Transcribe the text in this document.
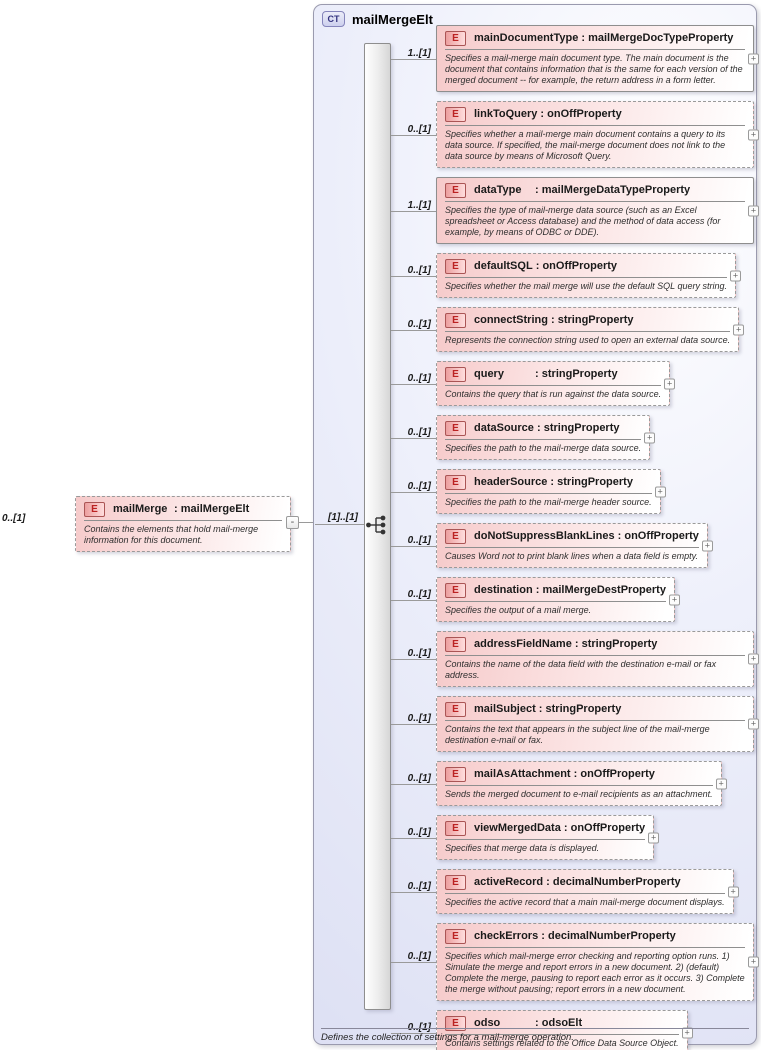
0..[1]	-
E	mailMerge : mailMergeElt
Contains the elements that hold mail-merge information for this document.
CT mailMergeElt
[1]..[1]
1..[1]
E	mainDocumentType : mailMergeDocTypeProperty
Specifies a mail-merge main document type. The main document is the document that contains information that is the same for each version of the merged document -- for example, the return address in a form letter.
+
0..[1]
E	linkToQuery : onOffProperty
Specifies whether a mail-merge main document contains a query to its data source. If specified, the mail-merge document does not link to the data source by means of Microsoft Query.
+
1..[1]
E	dataType : mailMergeDataTypeProperty
Specifies the type of mail-merge data source (such as an Excel spreadsheet or Access database) and the method of data access (for example, by means of ODBC or DDE).
+
0..[1]	E	defaultSQL : onOffProperty
Specifies whether the mail merge will use the default SQL query string.
+
0..[1]	E	connectString : stringProperty
Represents the connection string used to open an external data source.
+
0..[1]	E	query	: stringProperty
Contains the query that is run against the data source.
+
0..[1]	E	dataSource : stringProperty
Specifies the path to the mail-merge data source.
+
0..[1]	E	headerSource : stringProperty
Specifies the path to the mail-merge header source.
+
0..[1]	E	doNotSuppressBlankLines : onOffProperty
Causes Word not to print blank lines when a data field is empty.
+
0..[1]	E	destination : mailMergeDestProperty
Specifies the output of a mail merge.
+
0..[1]
E	addressFieldName : stringProperty
Contains the name of the data field with the destination e-mail or fax address.
+
0..[1]
E	mailSubject : stringProperty
Contains the text that appears in the subject line of the mail-merge destination e-mail or fax.
+
0..[1]	E	mailAsAttachment : onOffProperty
Sends the merged document to e-mail recipients as an attachment.
+
0..[1]	E	viewMergedData : onOffProperty
Specifies that merge data is displayed.
+
0..[1]	E	activeRecord : decimalNumberProperty
Specifies the active record that a main mail-merge document displays.
+
0..[1]
E	checkErrors : decimalNumberProperty
Specifies which mail-merge error checking and reporting option runs. 1) Simulate the merge and report errors in a new document. 2) (default) Complete the merge, pausing to report each error as it occurs. 3) Complete the merge without pausing; report errors in a new document.
+
0..[1]	E	odso	: odsoElt
Contains settings related to the Office Data Source Object.
+
Defines the collection of settings for a mail-merge operation.
